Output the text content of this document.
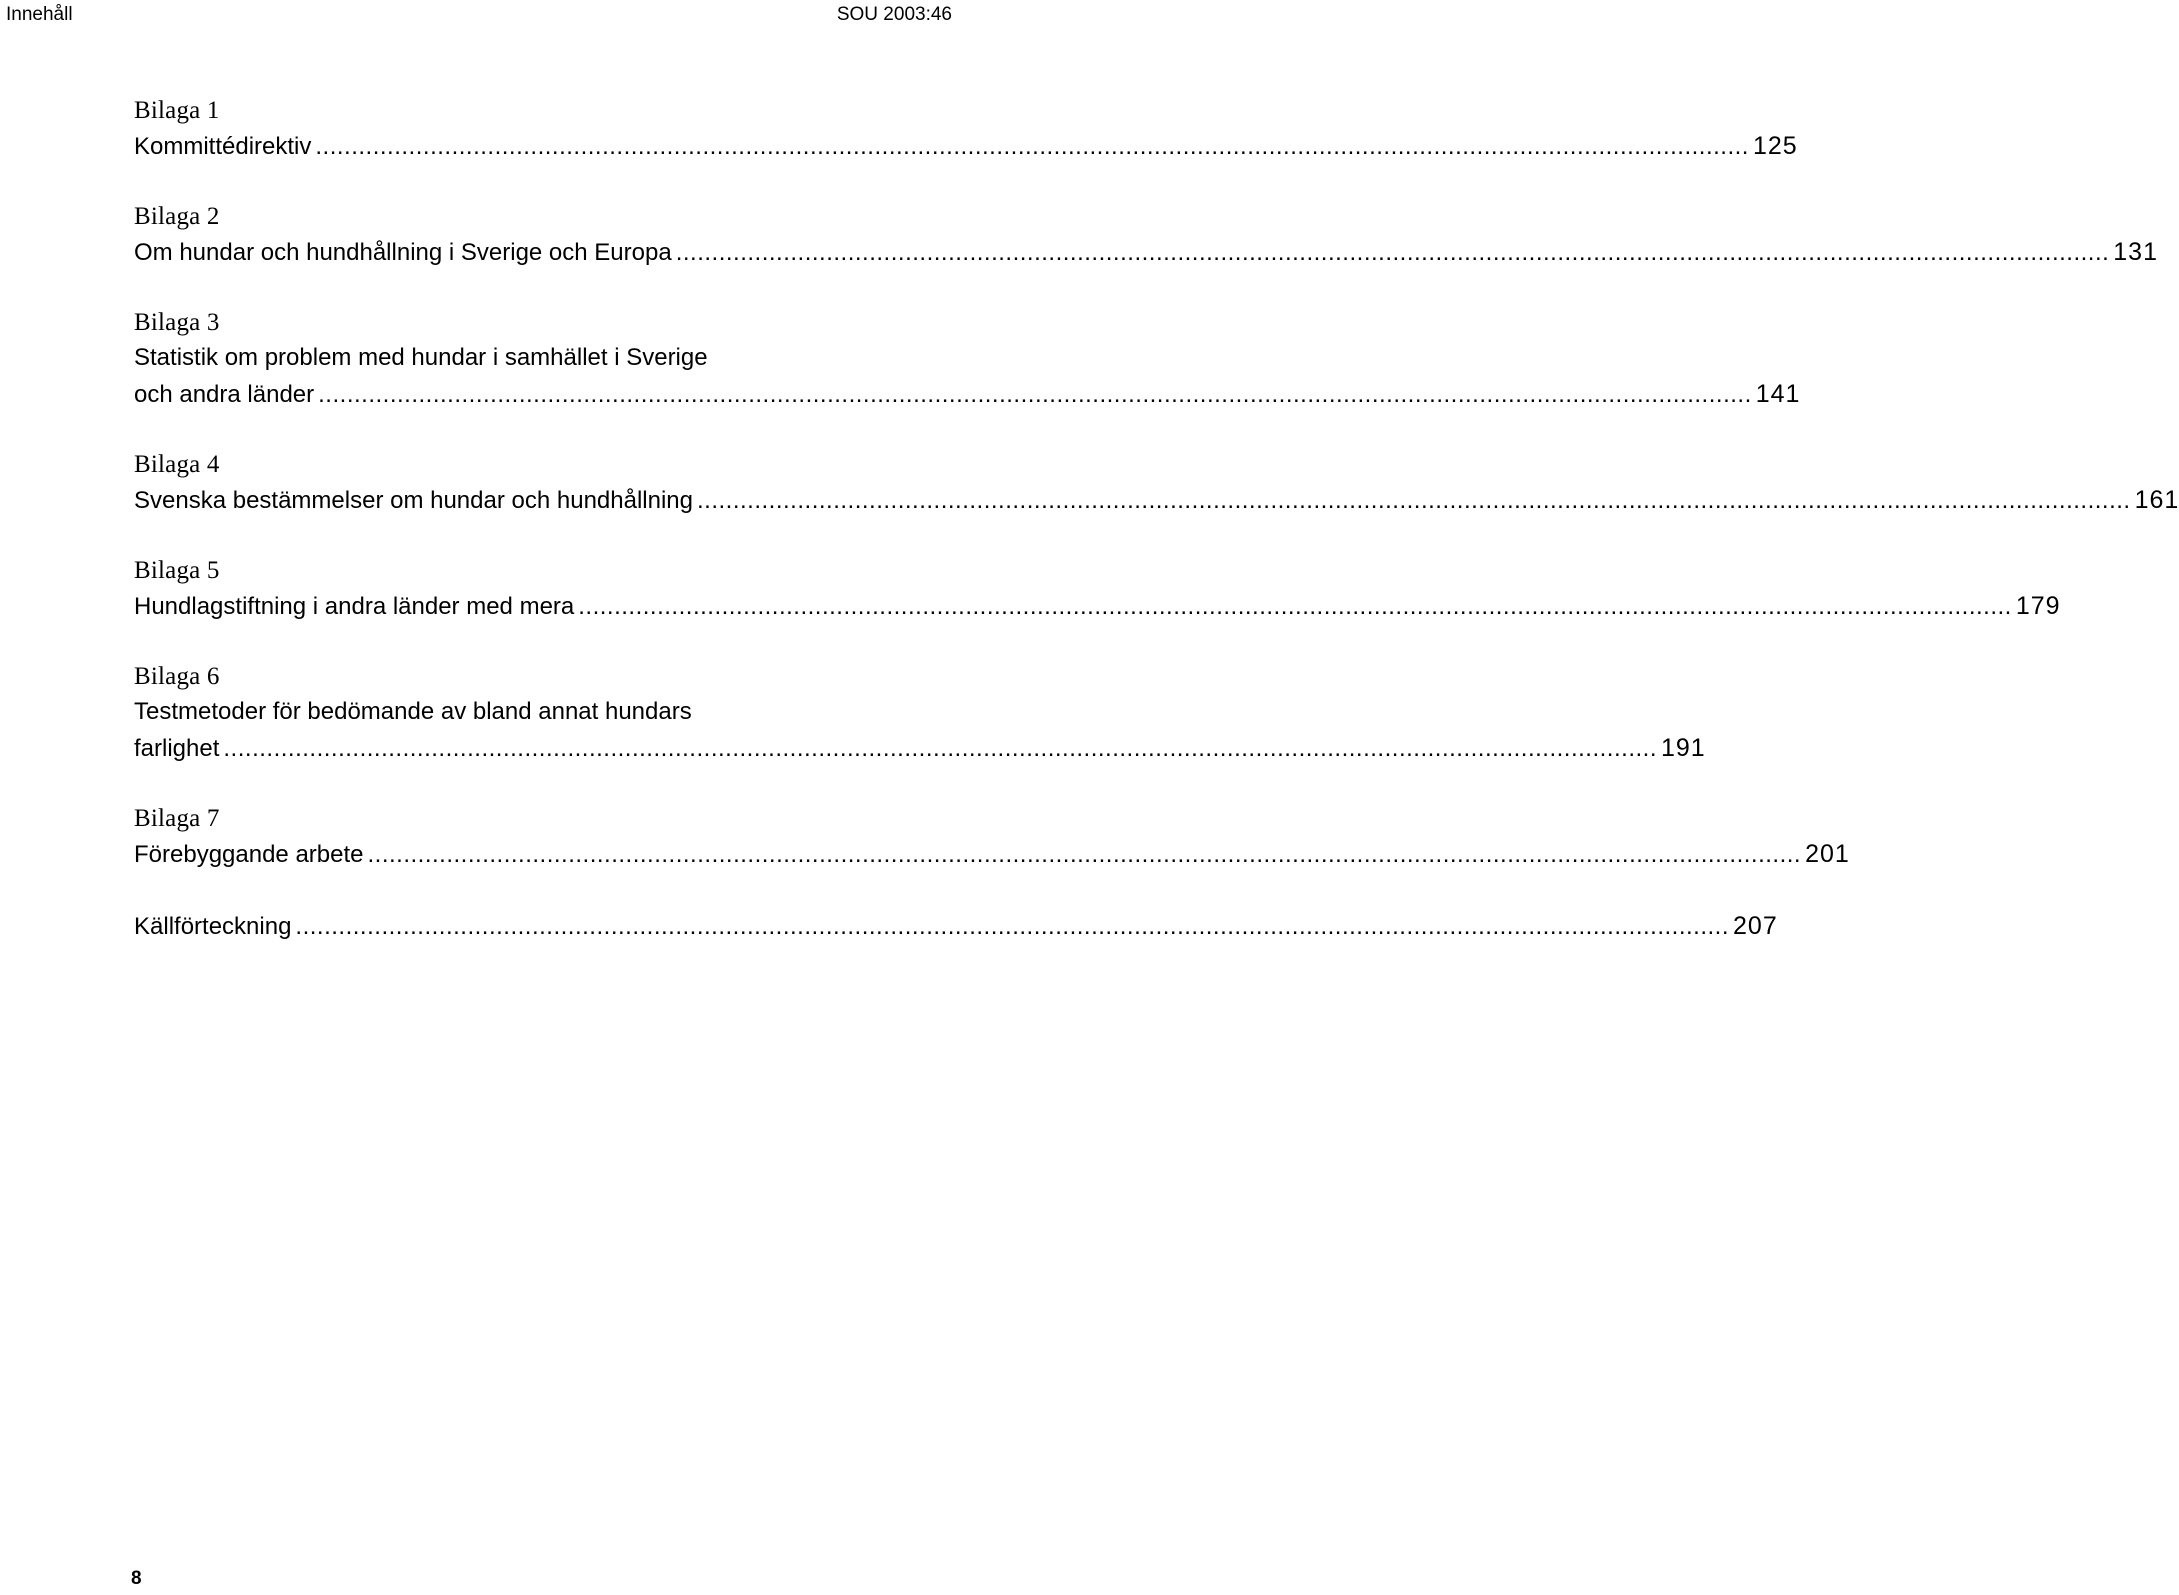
Innehåll	SOU 2003:46
Bilaga 1
Kommittédirektiv ........................................................................................................................................................................................................ 125
Bilaga 2
Om hundar och hundhållning i Sverige och Europa ........................................................................................................................................................................................................ 131
Bilaga 3
Statistik om problem med hundar i samhället i Sverige
och andra länder ........................................................................................................................................................................................................ 141
Bilaga 4
Svenska bestämmelser om hundar och hundhållning ........................................................................................................................................................................................................ 161
Bilaga 5
Hundlagstiftning i andra länder med mera ........................................................................................................................................................................................................ 179
Bilaga 6
Testmetoder för bedömande av bland annat hundars
farlighet ........................................................................................................................................................................................................ 191
Bilaga 7
Förebyggande arbete ........................................................................................................................................................................................................ 201
Källförteckning ........................................................................................................................................................................................................ 207
8
